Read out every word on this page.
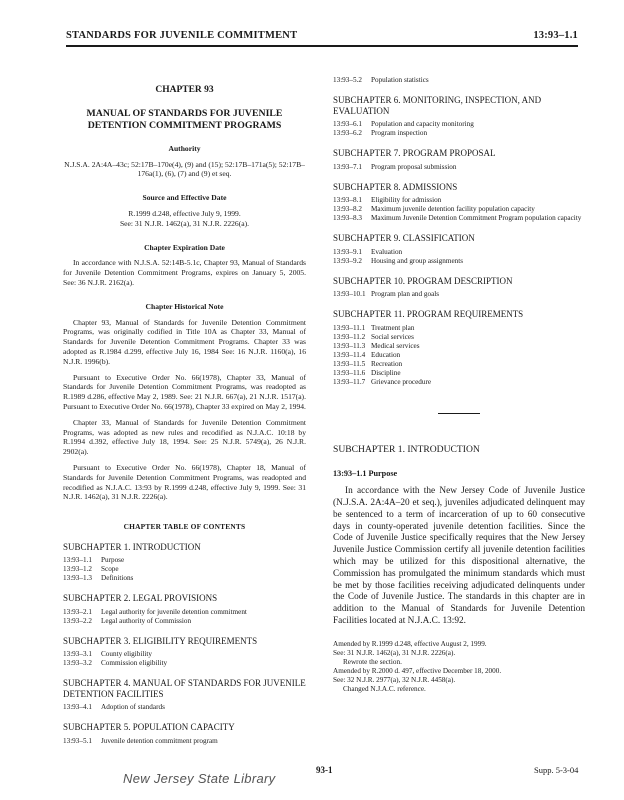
STANDARDS FOR JUVENILE COMMITMENT	13:93–1.1
CHAPTER 93
MANUAL OF STANDARDS FOR JUVENILE DETENTION COMMITMENT PROGRAMS
Authority
N.J.S.A. 2A:4A–43c; 52:17B–170e(4), (9) and (15); 52:17B–171a(5); 52:17B–176a(1), (6), (7) and (9) et seq.
Source and Effective Date
R.1999 d.248, effective July 9, 1999.
See: 31 N.J.R. 1462(a), 31 N.J.R. 2226(a).
Chapter Expiration Date

In accordance with N.J.S.A. 52:14B-5.1c, Chapter 93, Manual of Standards for Juvenile Detention Commitment Programs, expires on January 5, 2005. See: 36 N.J.R. 2162(a).

Chapter Historical Note

Chapter 93, Manual of Standards for Juvenile Detention Commitment Programs, was originally codified in Title 10A as Chapter 33, Manual of Standards for Juvenile Detention Commitment Programs. Chapter 33 was adopted as R.1984 d.299, effective July 16, 1984 See: 16 N.J.R. 1160(a), 16 N.J.R. 1996(b).

Pursuant to Executive Order No. 66(1978), Chapter 33, Manual of Standards for Juvenile Detention Commitment Programs, was readopted as R.1989 d.286, effective May 2, 1989. See: 21 N.J.R. 667(a), 21 N.J.R. 1517(a). Pursuant to Executive Order No. 66(1978), Chapter 33 expired on May 2, 1994.

Chapter 33, Manual of Standards for Juvenile Detention Commitment Programs, was adopted as new rules and recodified as N.J.A.C. 10:18 by R.1994 d.392, effective July 18, 1994. See: 25 N.J.R. 5749(a), 26 N.J.R. 2902(a).

Pursuant to Executive Order No. 66(1978), Chapter 18, Manual of Standards for Juvenile Detention Commitment Programs, was readopted and recodified as N.J.A.C. 13:93 by R.1999 d.248, effective July 9, 1999. See: 31 N.J.R. 1462(a), 31 N.J.R. 2226(a).

CHAPTER TABLE OF CONTENTS
SUBCHAPTER 1. INTRODUCTION
13:93–1.1	Purpose
13:93–1.2	Scope
13:93–1.3	Definitions
SUBCHAPTER 2. LEGAL PROVISIONS
13:93–2.1	Legal authority for juvenile detention commitment
13:93–2.2	Legal authority of Commission
SUBCHAPTER 3. ELIGIBILITY REQUIREMENTS
13:93–3.1	County eligibility
13:93–3.2	Commission eligibility
SUBCHAPTER 4. MANUAL OF STANDARDS FOR JUVENILE DETENTION FACILITIES
13:93–4.1	Adoption of standards
SUBCHAPTER 5. POPULATION CAPACITY
13:93–5.1	Juvenile detention commitment program
13:93–5.2	Population statistics
SUBCHAPTER 6. MONITORING, INSPECTION, AND EVALUATION
13:93–6.1	Population and capacity monitoring
13:93–6.2	Program inspection
SUBCHAPTER 7. PROGRAM PROPOSAL
13:93–7.1	Program proposal submission
SUBCHAPTER 8. ADMISSIONS
13:93–8.1	Eligibility for admission
13:93–8.2	Maximum juvenile detention facility population capacity
13:93–8.3	Maximum Juvenile Detention Commitment Program population capacity
SUBCHAPTER 9. CLASSIFICATION
13:93–9.1	Evaluation
13:93–9.2	Housing and group assignments
SUBCHAPTER 10. PROGRAM DESCRIPTION
13:93–10.1 Program plan and goals
SUBCHAPTER 11. PROGRAM REQUIREMENTS
13:93–11.1 Treatment plan
13:93–11.2 Social services
13:93–11.3 Medical services
13:93–11.4 Education
13:93–11.5 Recreation
13:93–11.6 Discipline
13:93–11.7 Grievance procedure
SUBCHAPTER 1. INTRODUCTION
13:93–1.1 Purpose
In accordance with the New Jersey Code of Juvenile Justice (N.J.S.A. 2A:4A–20 et seq.), juveniles adjudicated delinquent may be sentenced to a term of incarceration of up to 60 consecutive days in county-operated juvenile detention facilities. Since the Code of Juvenile Justice specifically requires that the New Jersey Juvenile Justice Commission certify all juvenile detention facilities which may be utilized for this dispositional alternative, the Commission has promulgated the minimum standards which must be met by those facilities receiving adjudicated delinquents under the Code of Juvenile Justice. The standards in this chapter are in addition to the Manual of Standards for Juvenile Detention Facilities located at N.J.A.C. 13:92.
Amended by R.1999 d.248, effective August 2, 1999.
See: 31 N.J.R. 1462(a), 31 N.J.R. 2226(a).
Rewrote the section.
Amended by R.2000 d. 497, effective December 18, 2000.
See: 32 N.J.R. 2977(a), 32 N.J.R. 4458(a).
Changed N.J.A.C. reference.
93-1	Supp. 5-3-04
New Jersey State Library
